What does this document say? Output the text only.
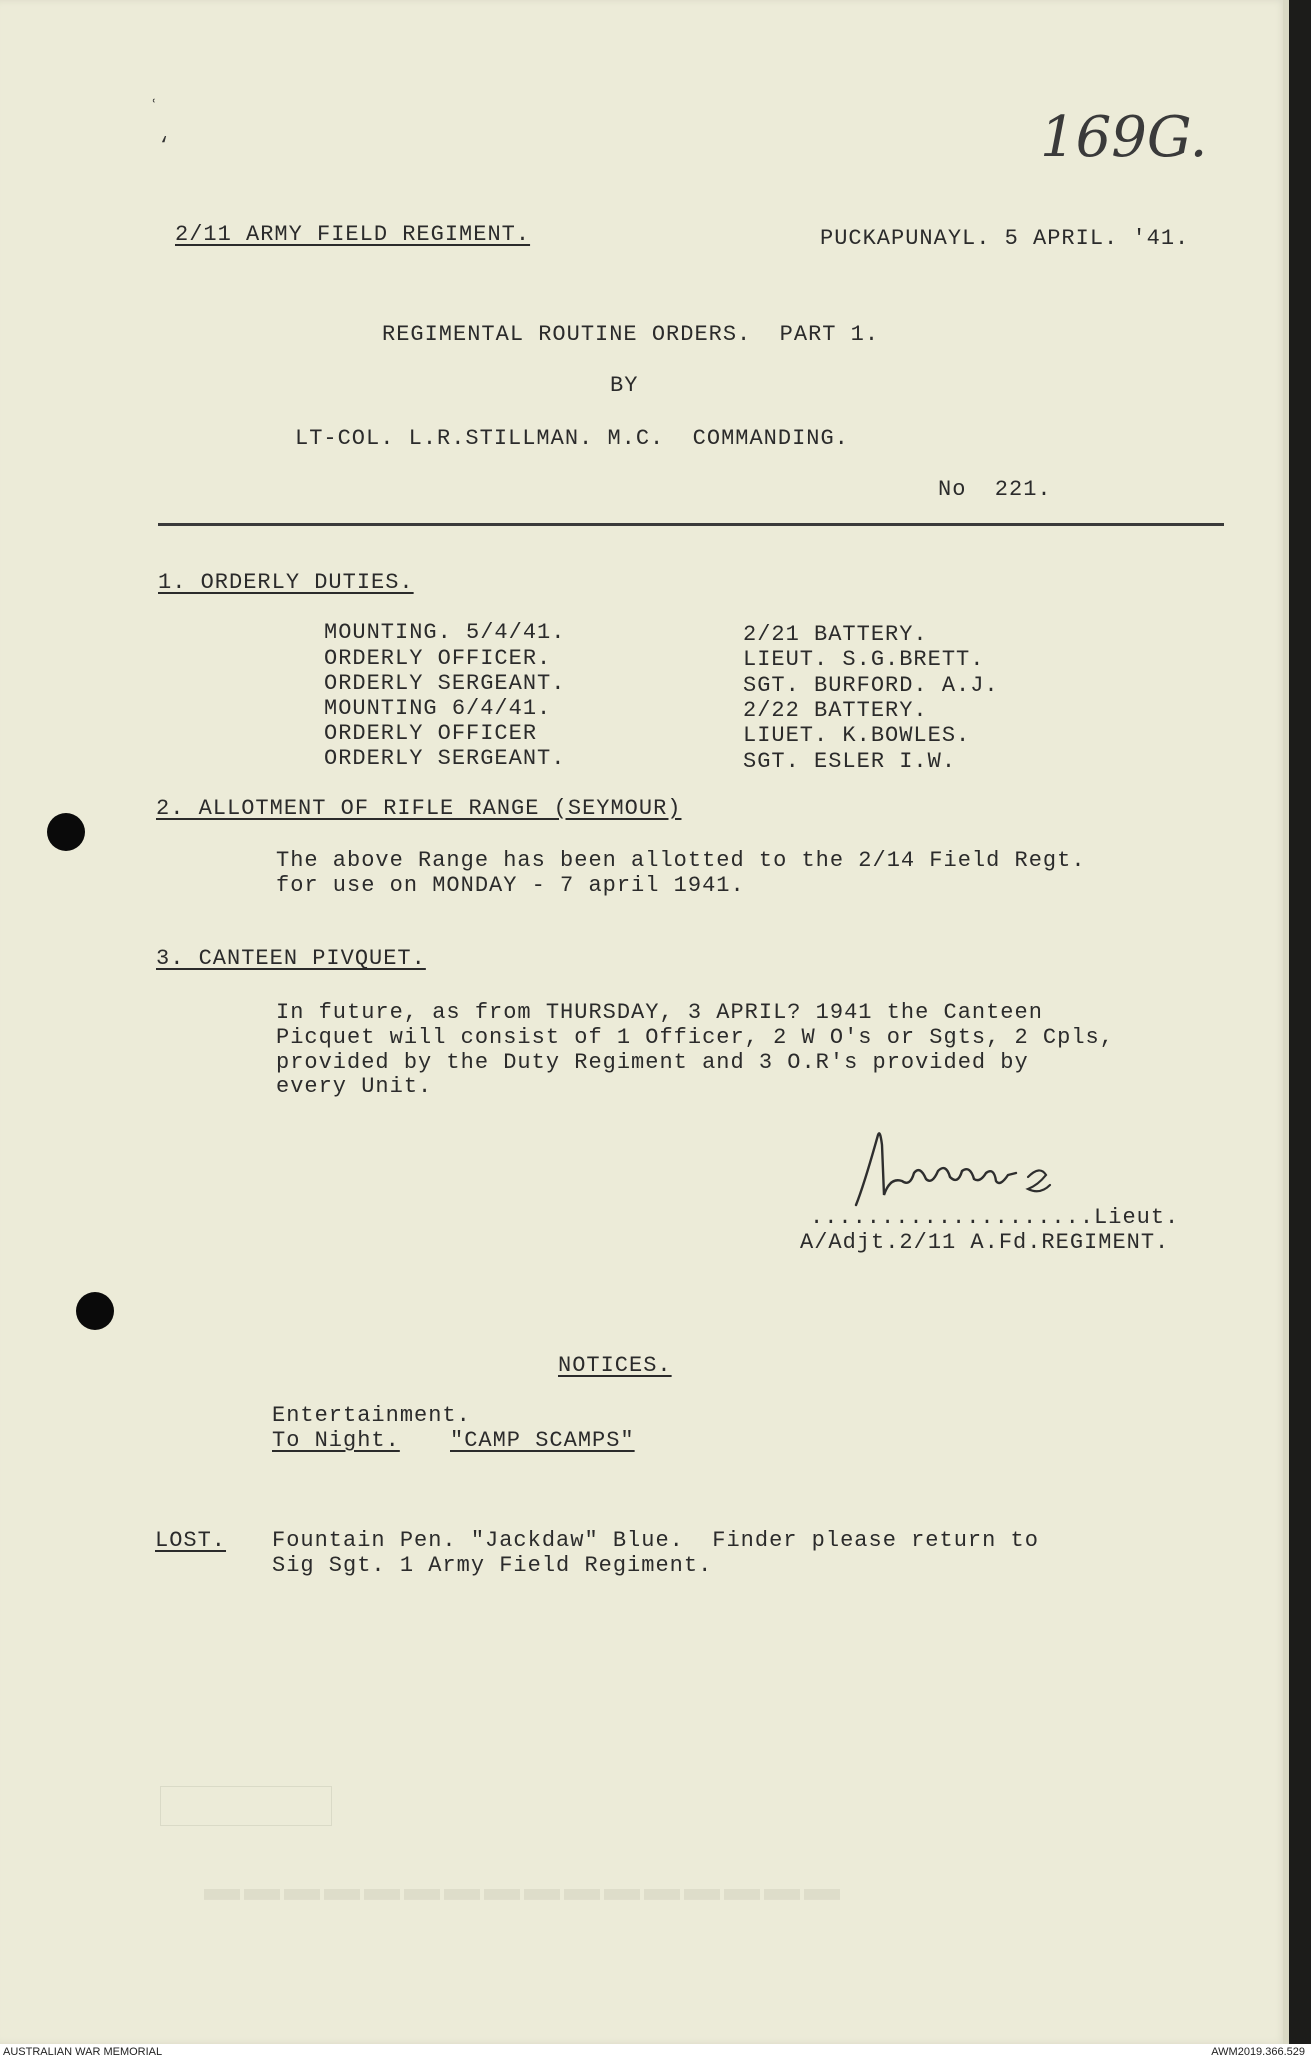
ʿ
‘	169G.
2/11 ARMY FIELD REGIMENT.	PUCKAPUNAYL. 5 APRIL. '41.
REGIMENTAL ROUTINE ORDERS.  PART 1.
BY
LT-COL. L.R.STILLMAN. M.C.  COMMANDING.
No  221.
1. ORDERLY DUTIES.
MOUNTING. 5/4/41.	2/21 BATTERY.
ORDERLY OFFICER.	LIEUT. S.G.BRETT.
ORDERLY SERGEANT.	SGT. BURFORD. A.J.
MOUNTING 6/4/41.	2/22 BATTERY.
ORDERLY OFFICER	LIUET. K.BOWLES.
ORDERLY SERGEANT.	SGT. ESLER I.W.
2. ALLOTMENT OF RIFLE RANGE (SEYMOUR)
The above Range has been allotted to the 2/14 Field Regt.
for use on MONDAY - 7 april 1941.
3. CANTEEN PIVQUET.
In future, as from THURSDAY, 3 APRIL? 1941 the Canteen
Picquet will consist of 1 Officer, 2 W O's or Sgts, 2 Cpls,
provided by the Duty Regiment and 3 O.R's provided by
every Unit.
....................Lieut.
A/Adjt.2/11 A.Fd.REGIMENT.
NOTICES.
Entertainment.
To Night. "CAMP SCAMPS"
LOST. Fountain Pen. "Jackdaw" Blue.  Finder please return to
Sig Sgt. 1 Army Field Regiment.
▬▬▬▬▬▬▬▬▬▬▬▬▬▬▬▬
AUSTRALIAN WAR MEMORIAL	AWM2019.366.529
